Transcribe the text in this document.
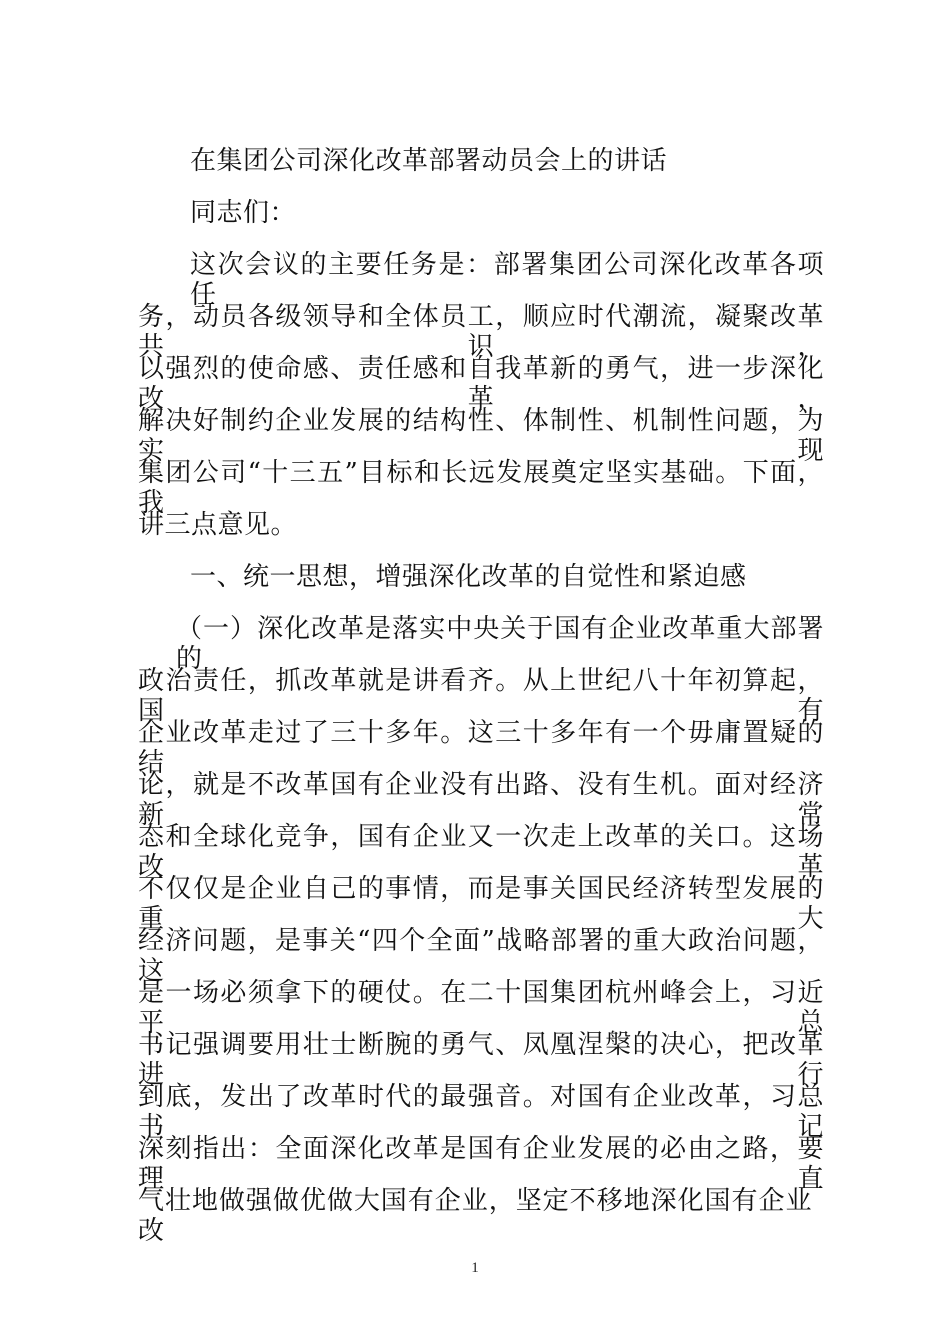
在集团公司深化改革部署动员会上的讲话
同志们：
这次会议的主要任务是：部署集团公司深化改革各项任
务，动员各级领导和全体员工，顺应时代潮流，凝聚改革共识，
以强烈的使命感、责任感和自我革新的勇气，进一步深化改革，
解决好制约企业发展的结构性、体制性、机制性问题，为实现
集团公司“十三五”目标和长远发展奠定坚实基础。下面，我
讲三点意见。
一、统一思想，增强深化改革的自觉性和紧迫感
（一）深化改革是落实中央关于国有企业改革重大部署的
政治责任，抓改革就是讲看齐。从上世纪八十年初算起，国有
企业改革走过了三十多年。这三十多年有一个毋庸置疑的结
论，就是不改革国有企业没有出路、没有生机。面对经济新常
态和全球化竞争，国有企业又一次走上改革的关口。这场改革
不仅仅是企业自己的事情，而是事关国民经济转型发展的重大
经济问题，是事关“四个全面”战略部署的重大政治问题，这
是一场必须拿下的硬仗。在二十国集团杭州峰会上，习近平总
书记强调要用壮士断腕的勇气、凤凰涅槃的决心，把改革进行
到底，发出了改革时代的最强音。对国有企业改革，习总书记
深刻指出：全面深化改革是国有企业发展的必由之路，要理直
气壮地做强做优做大国有企业，坚定不移地深化国有企业改
1
